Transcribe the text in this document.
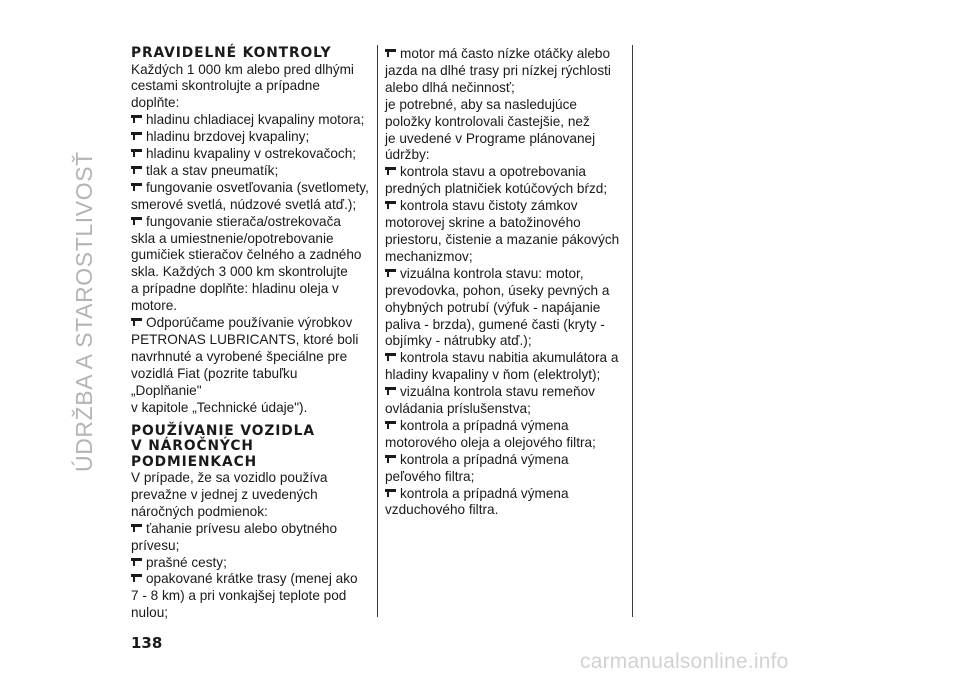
ÚDRŽBA A STAROSTLIVOSŤ
PRAVIDELNÉ KONTROLY
Každých 1 000 km alebo pred dlhými
cestami skontrolujte a prípadne
doplňte:
hladinu chladiacej kvapaliny motora;
hladinu brzdovej kvapaliny;
hladinu kvapaliny v ostrekovačoch;
tlak a stav pneumatík;
fungovanie osvetľovania (svetlomety,
smerové svetlá, núdzové svetlá atď.);
fungovanie stierača/ostrekovača
skla a umiestnenie/opotrebovanie
gumičiek stieračov čelného a zadného
skla. Každých 3 000 km skontrolujte
a prípadne doplňte: hladinu oleja v
motore.
Odporúčame používanie výrobkov
PETRONAS LUBRICANTS, ktoré boli
navrhnuté a vyrobené špeciálne pre
vozidlá Fiat (pozrite tabuľku „Doplňanie"
v kapitole „Technické údaje").
POUŽÍVANIE VOZIDLA
V NÁROČNÝCH
PODMIENKACH
V prípade, že sa vozidlo používa
prevažne v jednej z uvedených
náročných podmienok:
ťahanie prívesu alebo obytného
prívesu;
prašné cesty;
opakované krátke trasy (menej ako
7 - 8 km) a pri vonkajšej teplote pod
nulou;
motor má často nízke otáčky alebo
jazda na dlhé trasy pri nízkej rýchlosti
alebo dlhá nečinnosť;
je potrebné, aby sa nasledujúce
položky kontrolovali častejšie, než
je uvedené v Programe plánovanej
údržby:
kontrola stavu a opotrebovania
predných platničiek kotúčových bŕzd;
kontrola stavu čistoty zámkov
motorovej skrine a batožinového
priestoru, čistenie a mazanie pákových
mechanizmov;
vizuálna kontrola stavu: motor,
prevodovka, pohon, úseky pevných a
ohybných potrubí (výfuk - napájanie
paliva - brzda), gumené časti (kryty -
objímky - nátrubky atď.);
kontrola stavu nabitia akumulátora a
hladiny kvapaliny v ňom (elektrolyt);
vizuálna kontrola stavu remeňov
ovládania príslušenstva;
kontrola a prípadná výmena
motorového oleja a olejového filtra;
kontrola a prípadná výmena
peľového filtra;
kontrola a prípadná výmena
vzduchového filtra.
138
carmanualsonline.info
